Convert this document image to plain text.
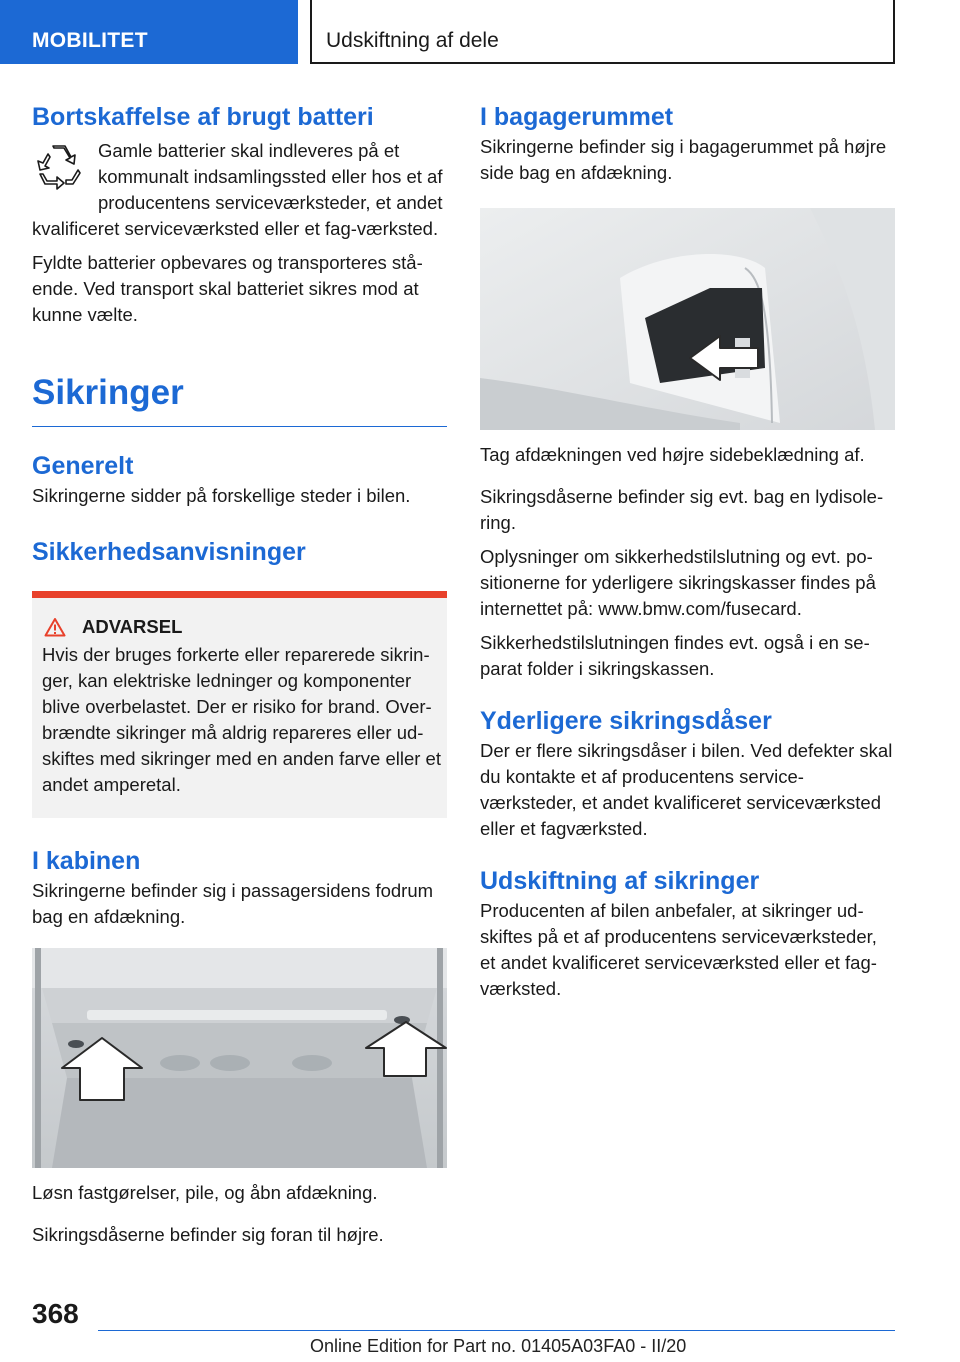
MOBILITET	Udskiftning af dele
Bortskaffelse af brugt batteri

Gamle batterier skal indleveres på et kommunalt indsamlingssted eller hos et af producentens serviceværksteder, et andet kvalificeret serviceværksted eller et fag-værksted.

Fyldte batterier opbevares og transporteres stå-ende. Ved transport skal batteriet sikres mod at kunne vælte.

Sikringer
Generelt

Sikringerne sidder på forskellige steder i bilen.

Sikkerhedsanvisninger
ADVARSEL

Hvis der bruges forkerte eller reparerede sikrin-ger, kan elektriske ledninger og komponenter blive overbelastet. Der er risiko for brand. Over-brændte sikringer må aldrig repareres eller ud-skiftes med sikringer med en anden farve eller et andet amperetal.

I kabinen

Sikringerne befinder sig i passagersidens fodrum bag en afdækning.

Løsn fastgørelser, pile, og åbn afdækning.

Sikringsdåserne befinder sig foran til højre.

I bagagerummet

Sikringerne befinder sig i bagagerummet på højre side bag en afdækning.

Tag afdækningen ved højre sidebeklædning af.

Sikringsdåserne befinder sig evt. bag en lydisole-ring.

Oplysninger om sikkerhedstilslutning og evt. po-sitionerne for yderligere sikringskasser findes på internettet på: www.bmw.com/fusecard.

Sikkerhedstilslutningen findes evt. også i en se-parat folder i sikringskassen.

Yderligere sikringsdåser

Der er flere sikringsdåser i bilen. Ved defekter skal du kontakte et af producentens service-værksteder, et andet kvalificeret serviceværksted eller et fagværksted.

Udskiftning af sikringer

Producenten af bilen anbefaler, at sikringer ud-skiftes på et af producentens serviceværksteder, et andet kvalificeret serviceværksted eller et fag-værksted.

368
Online Edition for Part no. 01405A03FA0 - II/20
